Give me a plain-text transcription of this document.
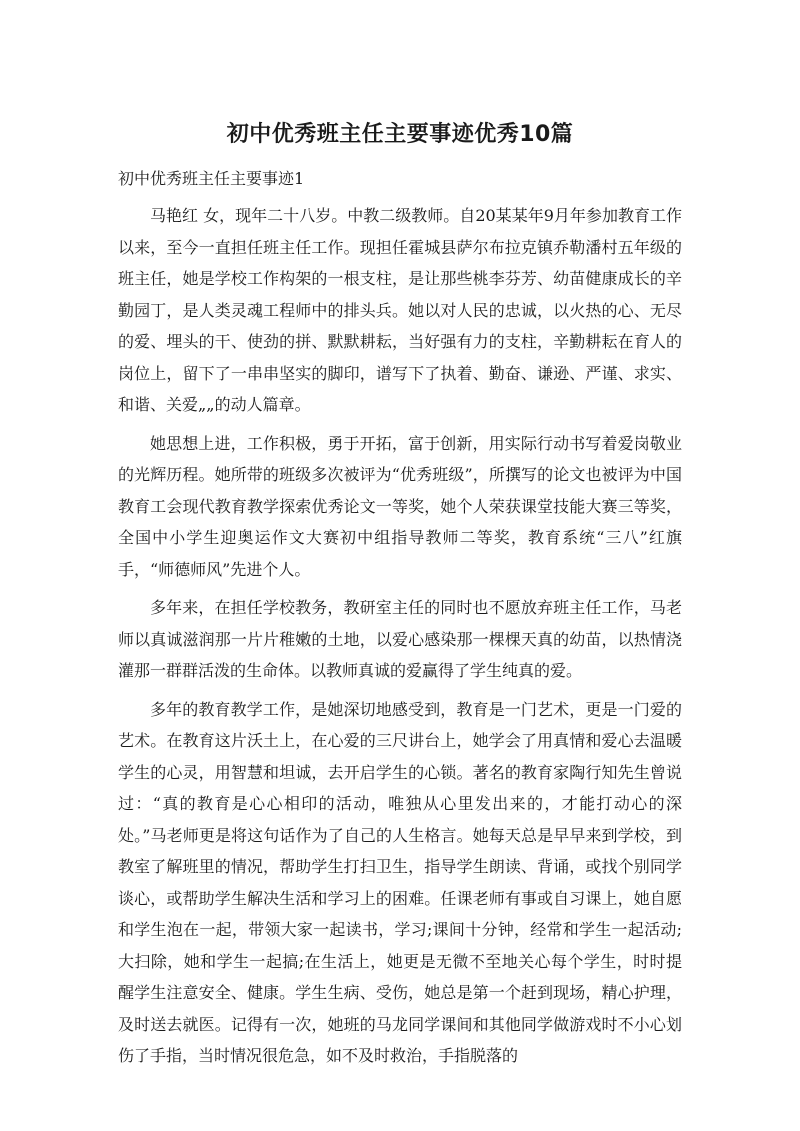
初中优秀班主任主要事迹优秀10篇
初中优秀班主任主要事迹1

马艳红 女，现年二十八岁。中教二级教师。自20某某年9月年参加教育工作以来，至今一直担任班主任工作。现担任霍城县萨尔布拉克镇乔勒潘村五年级的班主任，她是学校工作构架的一根支柱，是让那些桃李芬芳、幼苗健康成长的辛勤园丁，是人类灵魂工程师中的排头兵。她以对人民的忠诚，以火热的心、无尽的爱、埋头的干、使劲的拼、默默耕耘，当好强有力的支柱，辛勤耕耘在育人的岗位上，留下了一串串坚实的脚印，谱写下了执着、勤奋、谦逊、严谨、求实、和谐、关爱„„的动人篇章。

她思想上进，工作积极，勇于开拓，富于创新，用实际行动书写着爱岗敬业的光辉历程。她所带的班级多次被评为“优秀班级”，所撰写的论文也被评为中国教育工会现代教育教学探索优秀论文一等奖，她个人荣获课堂技能大赛三等奖，全国中小学生迎奥运作文大赛初中组指导教师二等奖，教育系统“三八”红旗手，“师德师风”先进个人。

多年来，在担任学校教务，教研室主任的同时也不愿放弃班主任工作，马老师以真诚滋润那一片片稚嫩的土地，以爱心感染那一棵棵天真的幼苗，以热情浇灌那一群群活泼的生命体。以教师真诚的爱赢得了学生纯真的爱。

多年的教育教学工作，是她深切地感受到，教育是一门艺术，更是一门爱的艺术。在教育这片沃土上，在心爱的三尺讲台上，她学会了用真情和爱心去温暖学生的心灵，用智慧和坦诚，去开启学生的心锁。著名的教育家陶行知先生曾说过：“真的教育是心心相印的活动，唯独从心里发出来的，才能打动心的深处。”马老师更是将这句话作为了自己的人生格言。她每天总是早早来到学校，到教室了解班里的情况，帮助学生打扫卫生，指导学生朗读、背诵，或找个别同学谈心，或帮助学生解决生活和学习上的困难。任课老师有事或自习课上，她自愿和学生泡在一起，带领大家一起读书，学习;课间十分钟，经常和学生一起活动;大扫除，她和学生一起搞;在生活上，她更是无微不至地关心每个学生，时时提醒学生注意安全、健康。学生生病、受伤，她总是第一个赶到现场，精心护理，及时送去就医。记得有一次，她班的马龙同学课间和其他同学做游戏时不小心划伤了手指，当时情况很危急，如不及时救治，手指脱落的
